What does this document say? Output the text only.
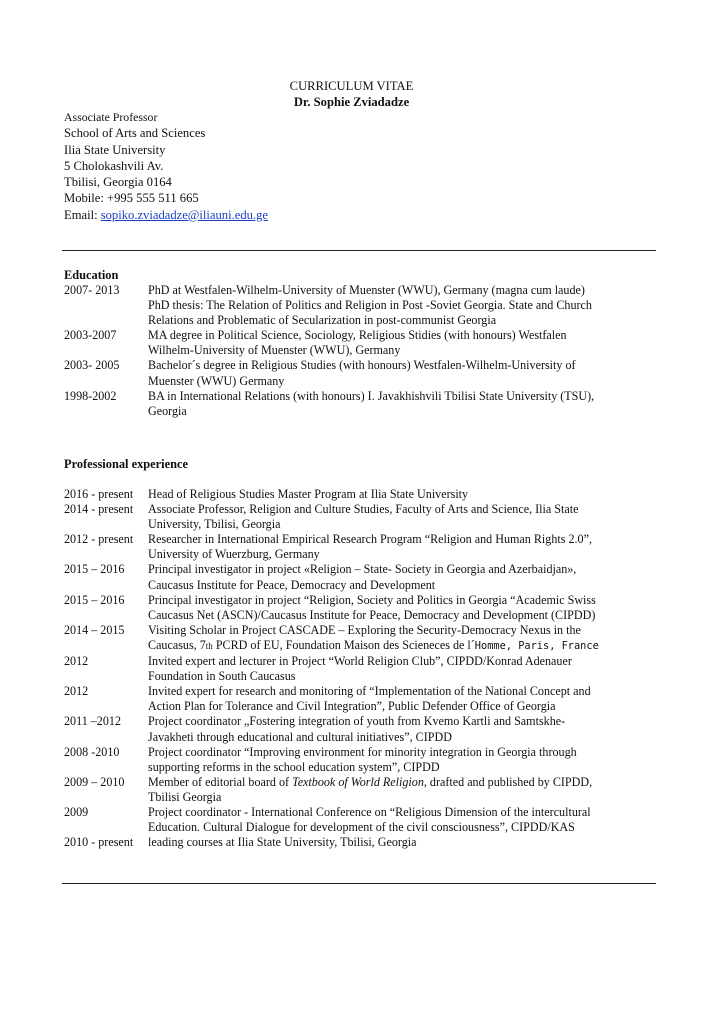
CURRICULUM VITAE
Dr. Sophie Zviadadze
Associate Professor
School of Arts and Sciences
Ilia State University
5 Cholokashvili Av.
Tbilisi, Georgia 0164
Mobile: +995 555 511 665
Email: sopiko.zviadadze@iliauni.edu.ge
Education
2007- 2013	PhD at Westfalen-Wilhelm-University of Muenster (WWU), Germany (magna cum laude)
PhD thesis: The Relation of Politics and Religion in Post -Soviet Georgia. State and Church
Relations and Problematic of Secularization in post-communist Georgia
2003-2007	MA degree in Political Science, Sociology, Religious Stidies (with honours) Westfalen
Wilhelm-University of Muenster (WWU), Germany
2003- 2005	Bachelor´s degree in Religious Studies (with honours) Westfalen-Wilhelm-University of
Muenster (WWU) Germany
1998-2002	BA in International Relations (with honours) I. Javakhishvili Tbilisi State University (TSU),
Georgia
Professional experience
2016 - present	Head of Religious Studies Master Program at Ilia State University
2014 - present	Associate Professor, Religion and Culture Studies, Faculty of Arts and Science, Ilia State
University, Tbilisi, Georgia
2012 - present	Researcher in International Empirical Research Program “Religion and Human Rights 2.0”,
University of Wuerzburg, Germany
2015 – 2016	Principal investigator in project «Religion – State- Society in Georgia and Azerbaidjan»,
Caucasus Institute for Peace, Democracy and Development
2015 – 2016	Principal investigator in project “Religion, Society and Politics in Georgia “Academic Swiss
Caucasus Net (ASCN)/Caucasus Institute for Peace, Democracy and Development (CIPDD)
2014 – 2015	Visiting Scholar in Project CASCADE – Exploring the Security-Democracy Nexus in the
Caucasus, 7th PCRD of EU, Foundation Maison des Scieneces de l´Homme, Paris, France
2012	Invited expert and lecturer in Project “World Religion Club”, CIPDD/Konrad Adenauer
Foundation in South Caucasus
2012	Invited expert for research and monitoring of “Implementation of the National Concept and
Action Plan for Tolerance and Civil Integration”, Public Defender Office of Georgia
2011 –2012	Project coordinator „Fostering integration of youth from Kvemo Kartli and Samtskhe-
Javakheti through educational and cultural initiatives”, CIPDD
2008 -2010	Project coordinator “Improving environment for minority integration in Georgia through
supporting reforms in the school education system”, CIPDD
2009 – 2010	Member of editorial board of Textbook of World Religion, drafted and published by CIPDD,
Tbilisi Georgia
2009	Project coordinator - International Conference on “Religious Dimension of the intercultural
Education. Cultural Dialogue for development of the civil consciousness”, CIPDD/KAS
2010 - present	leading courses at Ilia State University, Tbilisi, Georgia
